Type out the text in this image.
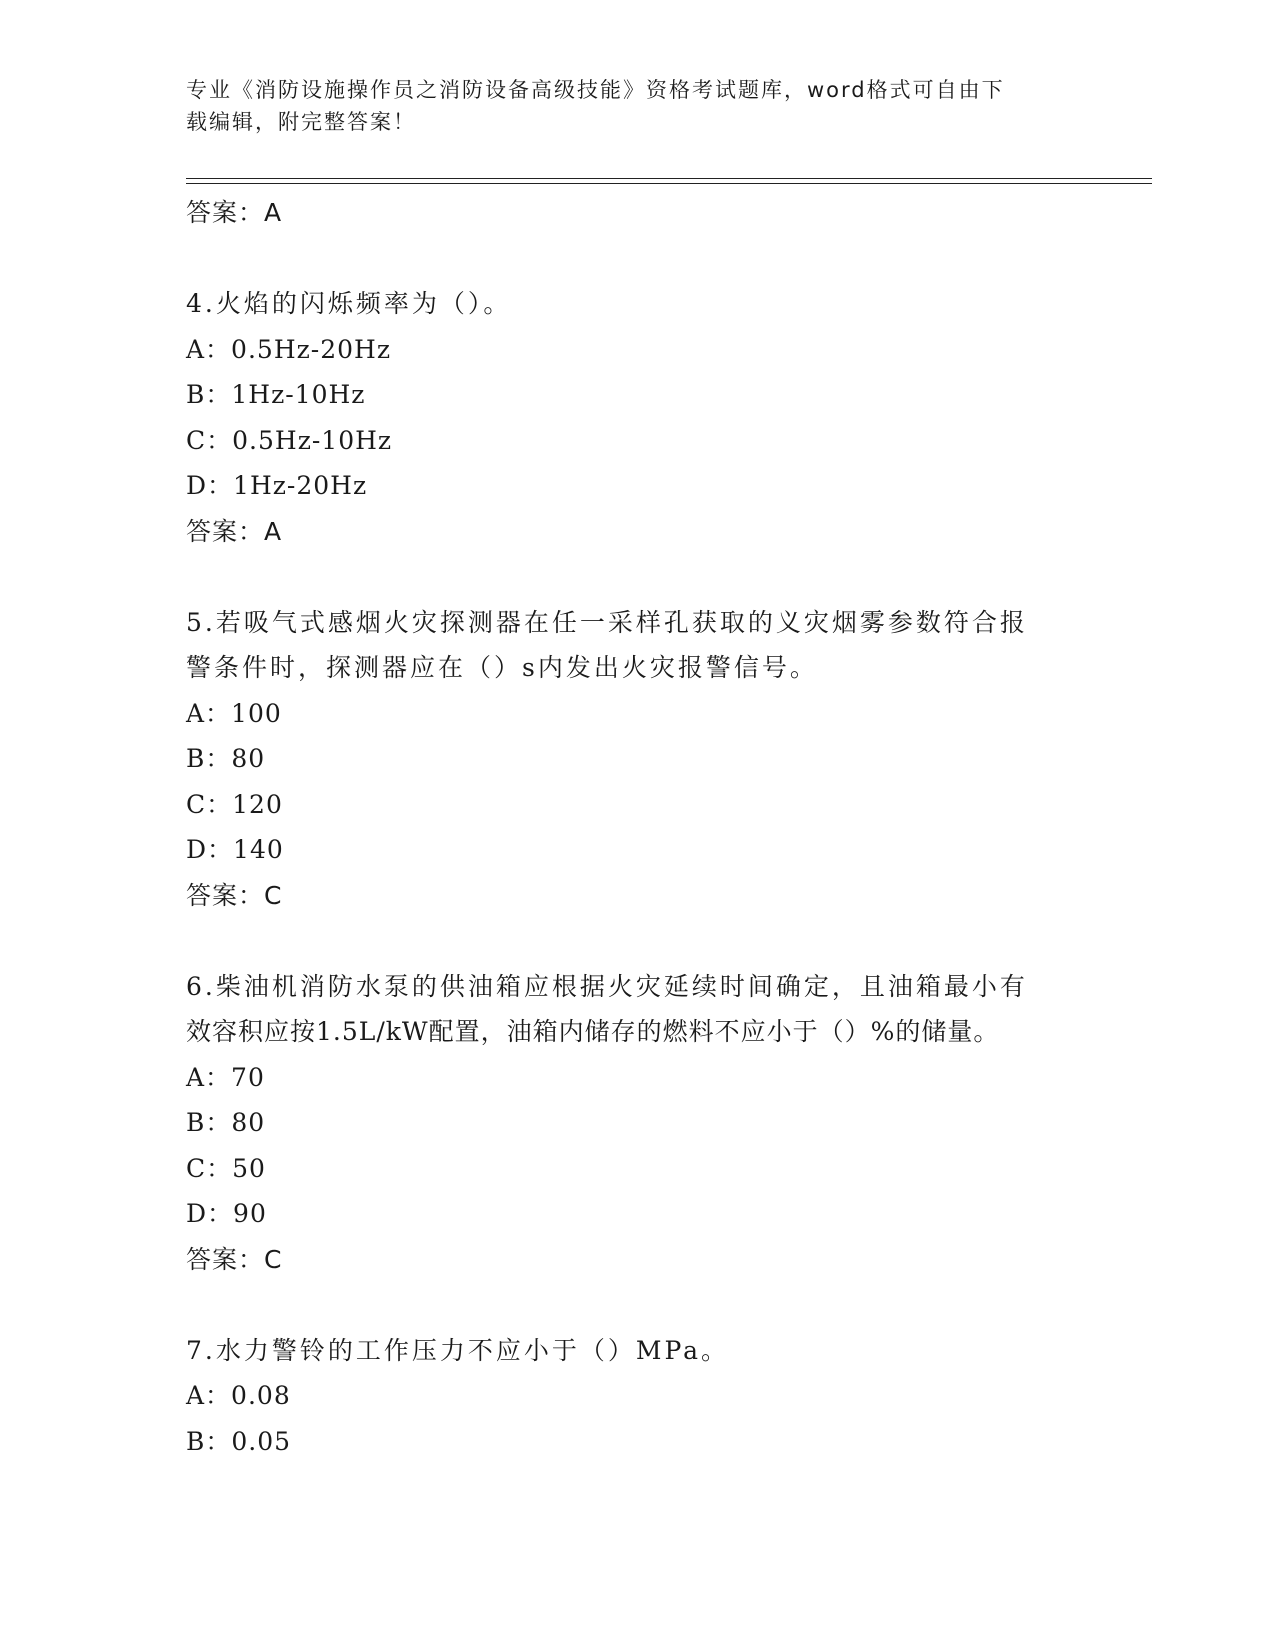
专业《消防设施操作员之消防设备高级技能》资格考试题库，word格式可自由下
载编辑，附完整答案！
答案：A
4.火焰的闪烁频率为（）。
A：0.5Hz-20Hz
B：1Hz-10Hz
C：0.5Hz-10Hz
D：1Hz-20Hz
答案：A
5.若吸气式感烟火灾探测器在任一采样孔获取的义灾烟雾参数符合报
警条件时，探测器应在（）s内发出火灾报警信号。
A：100
B：80
C：120
D：140
答案：C
6.柴油机消防水泵的供油箱应根据火灾延续时间确定，且油箱最小有
效容积应按1.5L/kW配置，油箱内储存的燃料不应小于（）%的储量。
A：70
B：80
C：50
D：90
答案：C
7.水力警铃的工作压力不应小于（）MPa。
A：0.08
B：0.05
